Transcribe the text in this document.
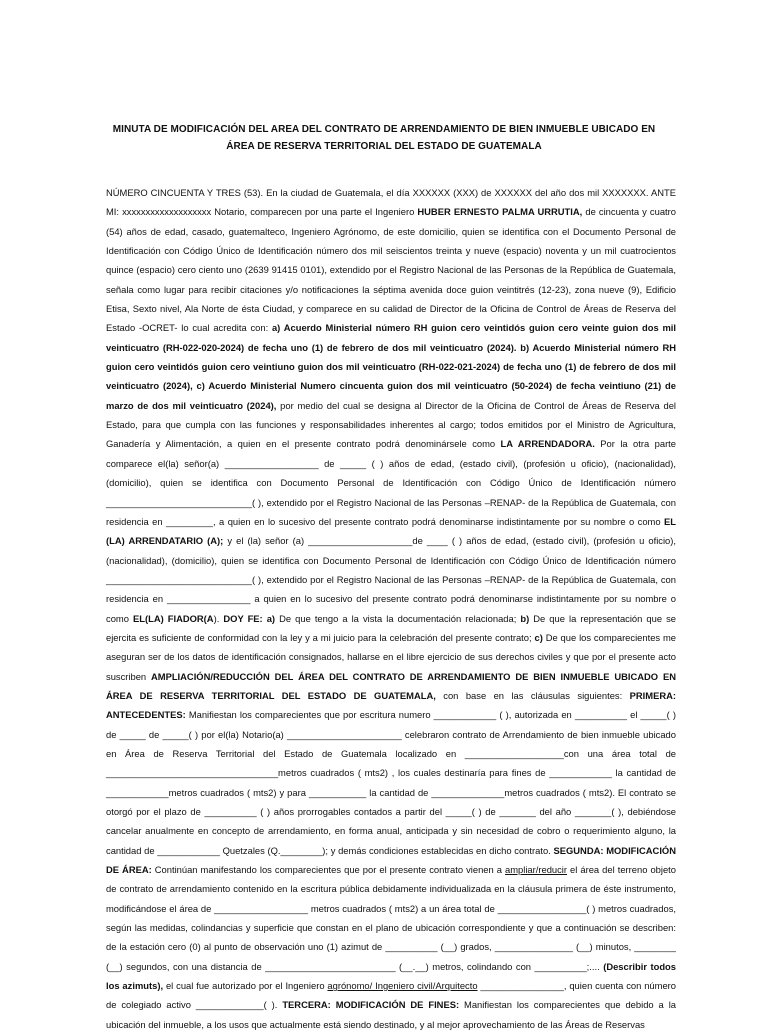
MINUTA DE MODIFICACIÓN DEL AREA DEL CONTRATO DE ARRENDAMIENTO DE BIEN INMUEBLE UBICADO EN
ÁREA DE RESERVA TERRITORIAL DEL ESTADO DE GUATEMALA

NÚMERO CINCUENTA Y TRES (53). En la ciudad de Guatemala, el día XXXXXX (XXX) de XXXXXX del año dos mil XXXXXXX. ANTE MI: xxxxxxxxxxxxxxxxxxx Notario, comparecen por una parte el Ingeniero HUBER ERNESTO PALMA URRUTIA, de cincuenta y cuatro (54) años de edad, casado, guatemalteco, Ingeniero Agrónomo, de este domicilio, quien se identifica con el Documento Personal de Identificación con Código Único de Identificación número dos mil seiscientos treinta y nueve (espacio) noventa y un mil cuatrocientos quince (espacio) cero ciento uno (2639 91415 0101), extendido por el Registro Nacional de las Personas de la República de Guatemala, señala como lugar para recibir citaciones y/o notificaciones la séptima avenida doce guion veintitrés (12-23), zona nueve (9), Edificio Etisa, Sexto nivel, Ala Norte de ésta Ciudad, y comparece en su calidad de Director de la Oficina de Control de Áreas de Reserva del Estado -OCRET- lo cual acredita con: a) Acuerdo Ministerial número RH guion cero veintidós guion cero veinte guion dos mil veinticuatro (RH-022-020-2024) de fecha uno (1) de febrero de dos mil veinticuatro (2024). b) Acuerdo Ministerial número RH guion cero veintidós guion cero veintiuno guion dos mil veinticuatro (RH-022-021-2024) de fecha uno (1) de febrero de dos mil veinticuatro (2024), c) Acuerdo Ministerial Numero cincuenta guion dos mil veinticuatro (50-2024) de fecha veintiuno (21) de marzo de dos mil veinticuatro (2024), por medio del cual se designa al Director de la Oficina de Control de Áreas de Reserva del Estado, para que cumpla con las funciones y responsabilidades inherentes al cargo; todos emitidos por el Ministro de Agricultura, Ganadería y Alimentación, a quien en el presente contrato podrá denominársele como LA ARRENDADORA. Por la otra parte comparece el(la) señor(a) __________________ de _____ ( ) años de edad, (estado civil), (profesión u oficio), (nacionalidad), (domicilio), quien se identifica con Documento Personal de Identificación con Código Único de Identificación número ____________________________( ), extendido por el Registro Nacional de las Personas –RENAP- de la República de Guatemala, con residencia en _________, a quien en lo sucesivo del presente contrato podrá denominarse indistintamente por su nombre o como EL (LA) ARRENDATARIO (A); y el (la) señor (a) ____________________de ____ ( ) años de edad, (estado civil), (profesión u oficio), (nacionalidad), (domicilio), quien se identifica con Documento Personal de Identificación con Código Único de Identificación número ____________________________( ), extendido por el Registro Nacional de las Personas –RENAP- de la República de Guatemala, con residencia en ________________ a quien en lo sucesivo del presente contrato podrá denominarse indistintamente por su nombre o como EL(LA) FIADOR(A). DOY FE: a) De que tengo a la vista la documentación relacionada; b) De que la representación que se ejercita es suficiente de conformidad con la ley y a mi juicio para la celebración del presente contrato; c) De que los comparecientes me aseguran ser de los datos de identificación consignados, hallarse en el libre ejercicio de sus derechos civiles y que por el presente acto suscriben AMPLIACIÓN/REDUCCIÓN DEL ÁREA DEL CONTRATO DE ARRENDAMIENTO DE BIEN INMUEBLE UBICADO EN ÁREA DE RESERVA TERRITORIAL DEL ESTADO DE GUATEMALA, con base en las cláusulas siguientes: PRIMERA: ANTECEDENTES: Manifiestan los comparecientes que por escritura numero ____________ ( ), autorizada en __________ el _____( ) de _____ de _____( ) por el(la) Notario(a) ______________________ celebraron contrato de Arrendamiento de bien inmueble ubicado en Área de Reserva Territorial del Estado de Guatemala localizado en ___________________con una área total de _________________________________metros cuadrados ( mts2) , los cuales destinaría para fines de ____________ la cantidad de ____________metros cuadrados ( mts2) y para ___________ la cantidad de ______________metros cuadrados ( mts2). El contrato se otorgó por el plazo de __________ ( ) años prorrogables contados a partir del _____( ) de _______ del año _______( ), debiéndose cancelar anualmente en concepto de arrendamiento, en forma anual, anticipada y sin necesidad de cobro o requerimiento alguno, la cantidad de ____________ Quetzales (Q.________); y demás condiciones establecidas en dicho contrato. SEGUNDA: MODIFICACIÓN DE ÁREA: Continúan manifestando los comparecientes que por el presente contrato vienen a ampliar/reducir el área del terreno objeto de contrato de arrendamiento contenido en la escritura pública debidamente individualizada en la cláusula primera de éste instrumento, modificándose el área de __________________ metros cuadrados ( mts2) a un área total de _________________( ) metros cuadrados, según las medidas, colindancias y superficie que constan en el plano de ubicación correspondiente y que a continuación se describen: de la estación cero (0) al punto de observación uno (1) azimut de __________ (__) grados, _______________ (__) minutos, ________ (__) segundos, con una distancia de _________________________ (__.__) metros, colindando con __________;.... (Describir todos los azimuts), el cual fue autorizado por el Ingeniero agrónomo/ Ingeniero civil/Arquitecto ________________, quien cuenta con número de colegiado activo _____________( ). TERCERA: MODIFICACIÓN DE FINES: Manifiestan los comparecientes que debido a la ubicación del inmueble, a los usos que actualmente está siendo destinado, y al mejor aprovechamiento de las Áreas de Reservas
